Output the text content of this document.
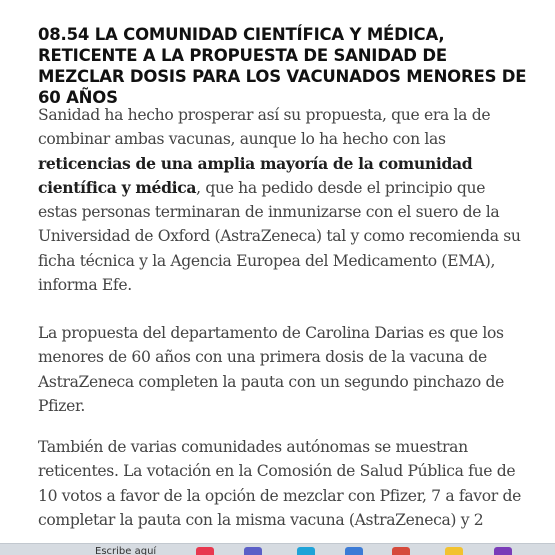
08.54 LA COMUNIDAD CIENTÍFICA Y MÉDICA, RETICENTE A LA PROPUESTA DE SANIDAD DE MEZCLAR DOSIS PARA LOS VACUNADOS MENORES DE 60 AÑOS

Sanidad ha hecho prosperar así su propuesta, que era la de combinar ambas vacunas, aunque lo ha hecho con las reticencias de una amplia mayoría de la comunidad científica y médica, que ha pedido desde el principio que estas personas terminaran de inmunizarse con el suero de la Universidad de Oxford (AstraZeneca) tal y como recomienda su ficha técnica y la Agencia Europea del Medicamento (EMA), informa Efe.

La propuesta del departamento de Carolina Darias es que los menores de 60 años con una primera dosis de la vacuna de AstraZeneca completen la pauta con un segundo pinchazo de Pfizer.

También de varias comunidades autónomas se muestran reticentes. La votación en la Comosión de Salud Pública fue de 10 votos a favor de la opción de mezclar con Pfizer, 7 a favor de completar la pauta con la misma vacuna (AstraZeneca) y 2

Escribe aquí
